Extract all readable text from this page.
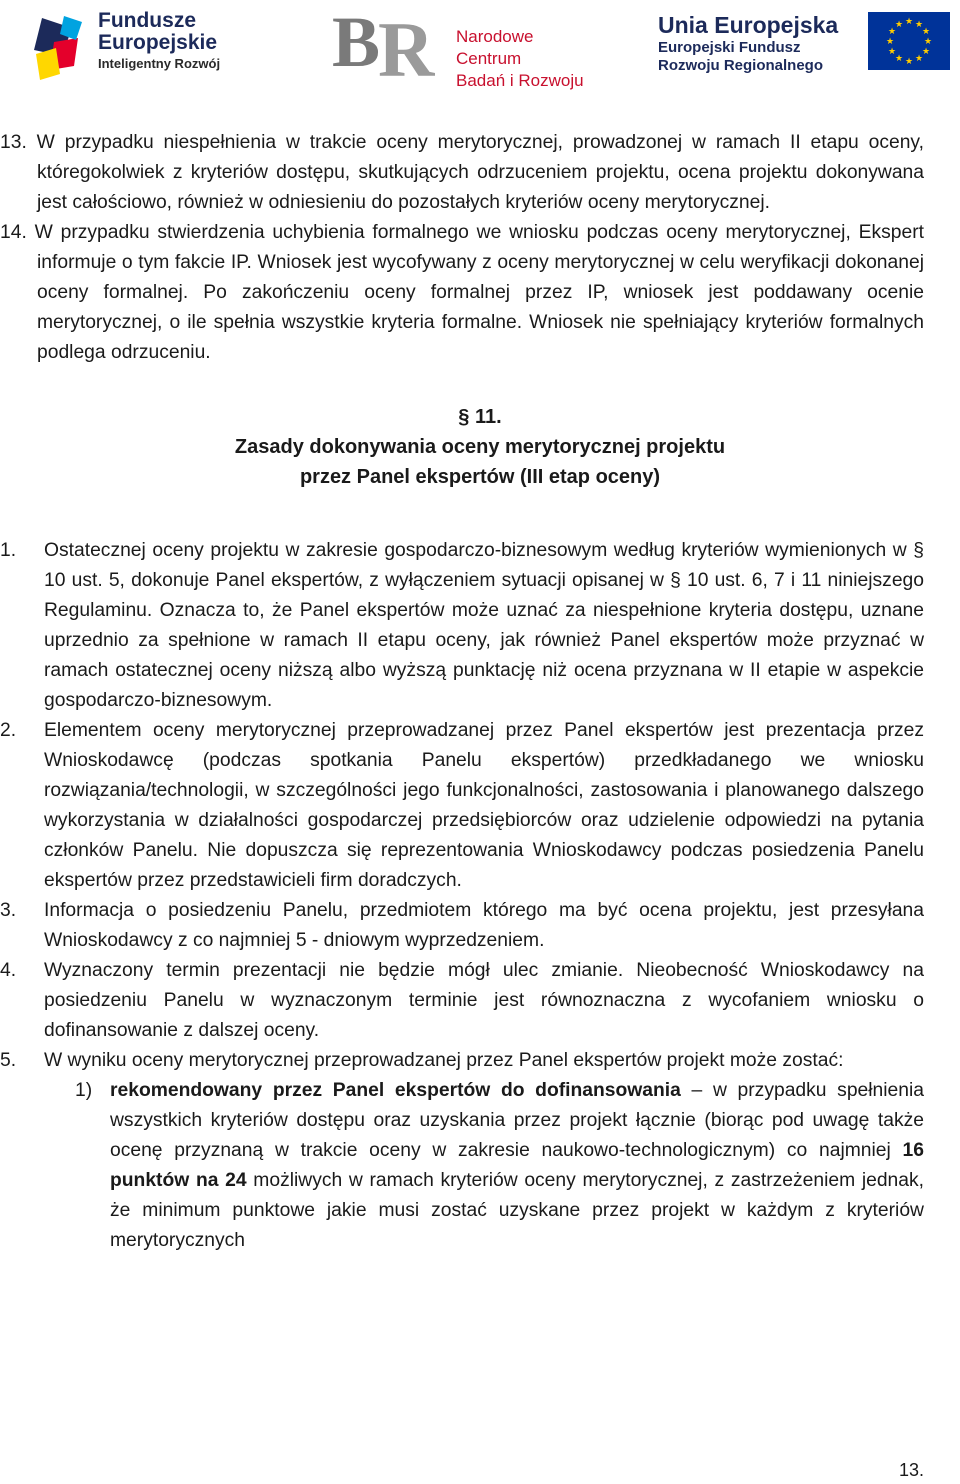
Fundusze
Europejskie
Inteligentny Rozwój B
R Narodowe Centrum
Badań i Rozwoju
Unia Europejska
Europejski Fundusz
Rozwoju Regionalnego
★ ★
★
★
★
★
★
★
★
★
★
★

13. W przypadku niespełnienia w trakcie oceny merytorycznej, prowadzonej w ramach II etapu oceny, któregokolwiek z kryteriów dostępu, skutkujących odrzuceniem projektu, ocena projektu dokonywana jest całościowo, również w odniesieniu do pozostałych kryteriów oceny merytorycznej.

14. W przypadku stwierdzenia uchybienia formalnego we wniosku podczas oceny merytorycznej, Ekspert informuje o tym fakcie IP. Wniosek jest wycofywany z oceny merytorycznej w celu weryfikacji dokonanej oceny formalnej. Po zakończeniu oceny formalnej przez IP, wniosek jest poddawany ocenie merytorycznej, o ile spełnia wszystkie kryteria formalne. Wniosek nie spełniający kryteriów formalnych podlega odrzuceniu.

§ 11.
Zasady dokonywania oceny merytorycznej projektu
przez Panel ekspertów (III etap oceny)
1. Ostatecznej oceny projektu w zakresie gospodarczo-biznesowym według kryteriów wymienionych w § 10 ust. 5, dokonuje Panel ekspertów, z wyłączeniem sytuacji opisanej w § 10 ust. 6, 7 i 11 niniejszego Regulaminu. Oznacza to, że Panel ekspertów może uznać za niespełnione kryteria dostępu, uznane uprzednio za spełnione w ramach II etapu oceny, jak również Panel ekspertów może przyznać w ramach ostatecznej oceny niższą albo wyższą punktację niż ocena przyznana w II etapie w aspekcie gospodarczo-biznesowym.
2. Elementem oceny merytorycznej przeprowadzanej przez Panel ekspertów jest prezentacja przez Wnioskodawcę (podczas spotkania Panelu ekspertów) przedkładanego we wniosku rozwiązania/technologii, w szczególności jego funkcjonalności, zastosowania i planowanego dalszego wykorzystania w działalności gospodarczej przedsiębiorców oraz udzielenie odpowiedzi na pytania członków Panelu. Nie dopuszcza się reprezentowania Wnioskodawcy podczas posiedzenia Panelu ekspertów przez przedstawicieli firm doradczych.
3. Informacja o posiedzeniu Panelu, przedmiotem którego ma być ocena projektu, jest przesyłana Wnioskodawcy z co najmniej 5 - dniowym wyprzedzeniem.
4. Wyznaczony termin prezentacji nie będzie mógł ulec zmianie. Nieobecność Wnioskodawcy na posiedzeniu Panelu w wyznaczonym terminie jest równoznaczna z wycofaniem wniosku o dofinansowanie z dalszej oceny.
5. W wyniku oceny merytorycznej przeprowadzanej przez Panel ekspertów projekt może zostać:
1) rekomendowany przez Panel ekspertów do dofinansowania – w przypadku spełnienia wszystkich kryteriów dostępu oraz uzyskania przez projekt łącznie (biorąc pod uwagę także ocenę przyznaną w trakcie oceny w zakresie naukowo-technologicznym) co najmniej 16 punktów na 24 możliwych w ramach kryteriów oceny merytorycznej, z zastrzeżeniem jednak, że minimum punktowe jakie musi zostać uzyskane przez projekt w każdym z kryteriów merytorycznych
13.
